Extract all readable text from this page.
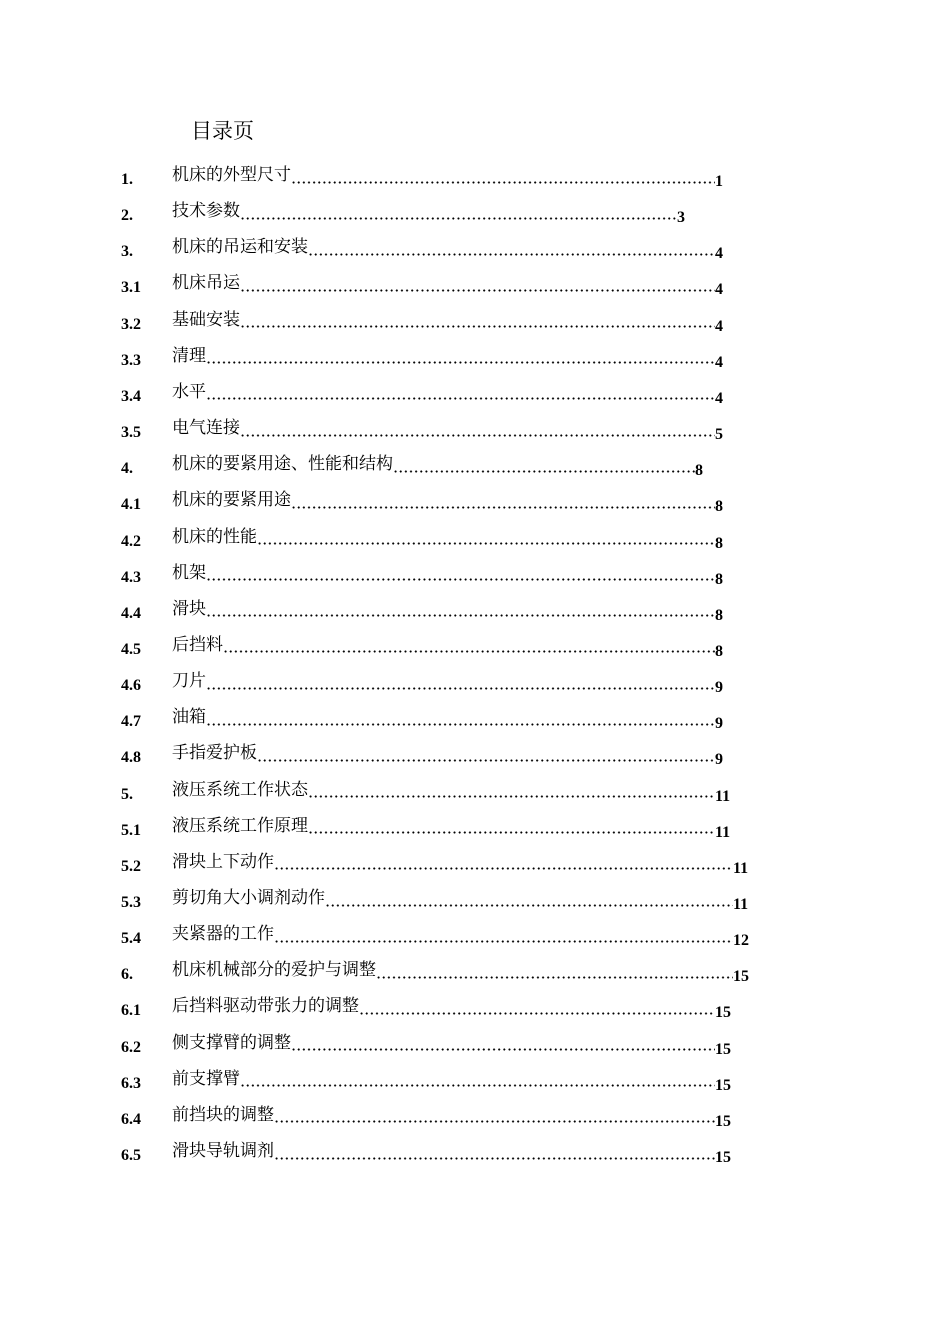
目录页
1. 机床的外型尺寸	1
2. 技术参数	3
3. 机床的吊运和安装	4
3.1 机床吊运	4
3.2 基础安装	4
3.3 清理	4
3.4 水平	4
3.5 电气连接	5
4. 机床的要紧用途、性能和结构	8
4.1 机床的要紧用途	8
4.2 机床的性能	8
4.3 机架	8
4.4 滑块	8
4.5 后挡料	8
4.6 刀片	9
4.7 油箱	9
4.8 手指爱护板	9
5. 液压系统工作状态	11
5.1 液压系统工作原理	11
5.2 滑块上下动作	11
5.3 剪切角大小调剂动作	11
5.4 夹紧器的工作	12
6. 机床机械部分的爱护与调整	15
6.1 后挡料驱动带张力的调整	15
6.2 侧支撑臂的调整	15
6.3 前支撑臂	15
6.4 前挡块的调整	15
6.5 滑块导轨调剂	15
